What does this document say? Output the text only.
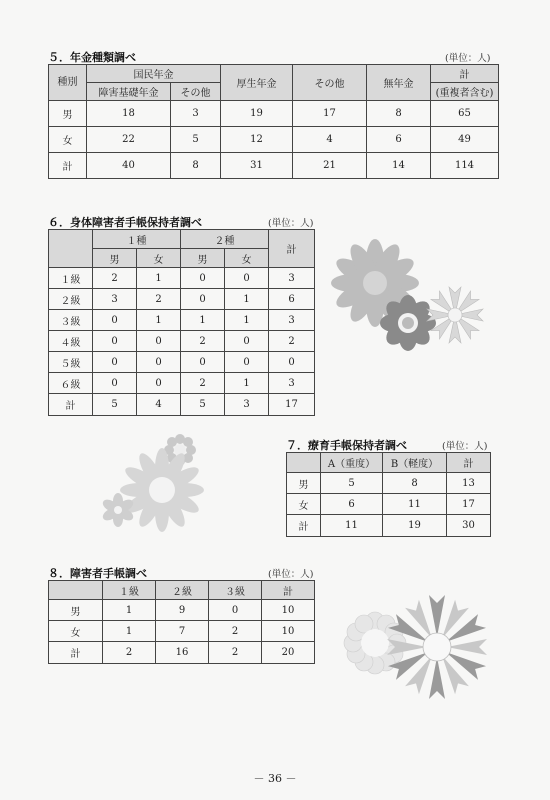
５．年金種類調べ	(単位：人)
種別	国民年金		厚生年金	その他	無年金	計
	障害基礎年金	その他				(重複者含む)
男	18	3	19	17	8	65
女	22	5	12	4	6	49
計	40	8	31	21	14	114
６．身体障害者手帳保持者調べ	(単位：人)
	１種		２種		計
	男	女	男	女	
１級	2	1	0	0	3
２級	3	2	0	1	6
３級	0	1	1	1	3
４級	0	0	2	0	2
５級	0	0	0	0	0
６級	0	0	2	1	3
計	5	4	5	3	17
７．療育手帳保持者調べ	(単位：人)
	A（重度）	B（軽度）	計
男	5	8	13
女	6	11	17
計	11	19	30
８．障害者手帳調べ	(単位：人)
	１級	２級	３級	計
男	1	9	0	10
女	1	7	2	10
計	2	16	2	20
－ 36 －
